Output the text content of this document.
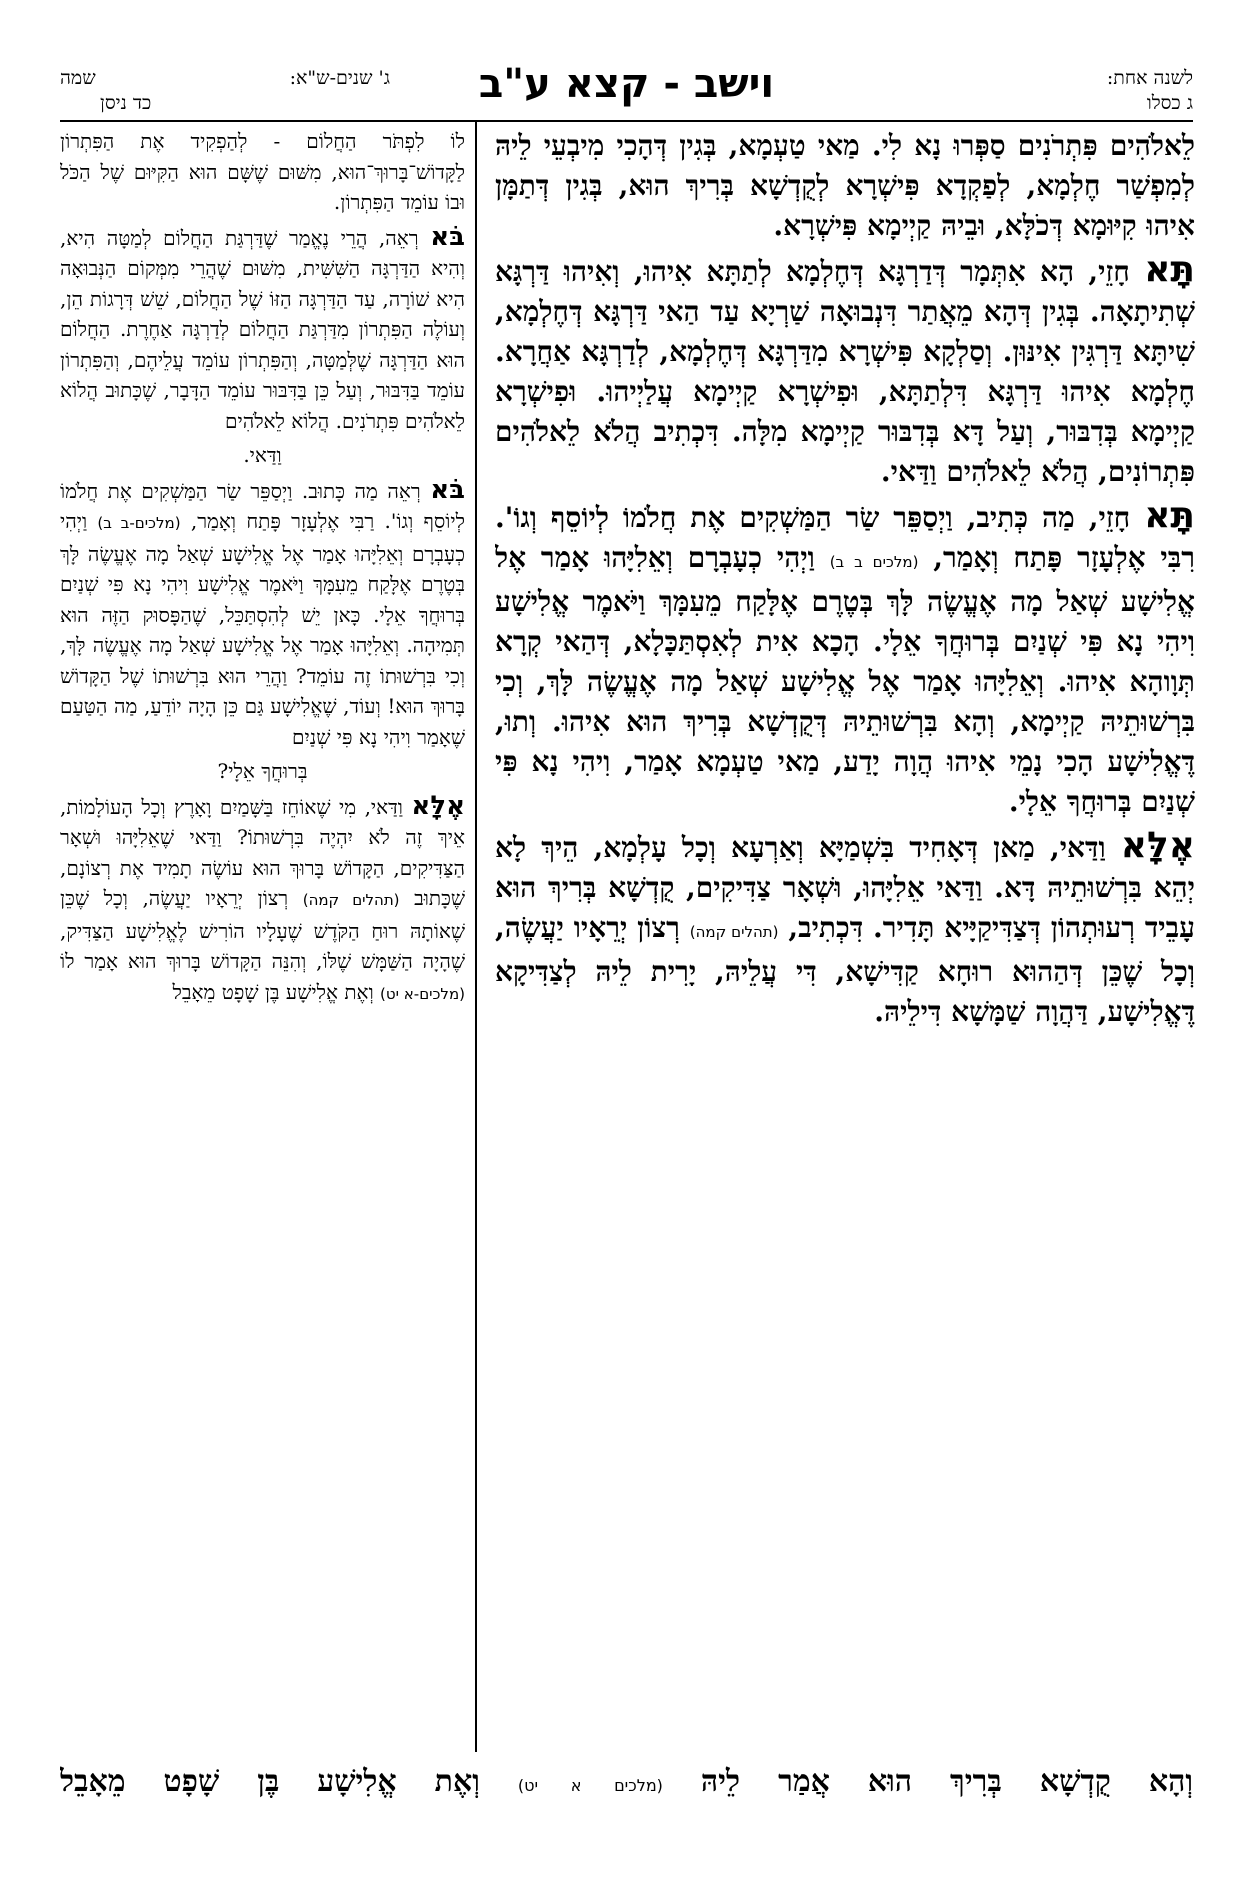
לשנה אחת:
ג כסלו
וישב - קצא ע"ב
ג' שנים-ש"א:
שמה
כד ניסן

לֵאלֹהִים פִּתְרֹנִים סַפְּרוּ נָא לִי. מַאי טַעְמָא, בְּגִין דְּהָכִי מִיבְעֵי לֵיהּ לְמִפְשַׁר חֶלְמָא, לְפַקְדָא פִּישְׁרָא לְקֻדְשָׁא בְּרִיךְ הוּא, בְּגִין דְּתַמָּן אִיהוּ קִיּוּמָא דְּכֹלָּא, וּבֵיהּ קַיְימָא פִּישְׁרָא.

תָּא חָזֵי, הָא אִתְּמָר דְּדַרְגָּא דְּחֶלְמָא לְתַתָּא אִיהוּ, וְאִיהוּ דַּרְגָּא שְׁתִיתָאָה. בְּגִין דְּהָא מֵאֲתַר דִּנְבוּאָה שַׁרְיָא עַד הַאי דַּרְגָּא דְּחֶלְמָא, שִׁיתָּא דַּרְגִּין אִינּוּן. וְסַלְקָא פִּישְׁרָא מִדַּרְגָּא דְּחֶלְמָא, לְדַרְגָּא אַחֲרָא. חֶלְמָא אִיהוּ דַּרְגָּא דִּלְתַתָּא, וּפִישְׁרָא קַיְימָא עֲלַיְיהוּ. וּפִישְׁרָא קַיְימָא בְּדִבּוּר, וְעַל דָּא בְּדִבּוּר קַיְימָא מִלָּה. דִּכְתִיב הֲלֹא לֵאלֹהִים פִּתְרוֹנִים, הֲלֹא לֵאלֹהִים וַדַּאי.

תָּא חָזֵי, מַה כְּתִיב, וַיְסַפֵּר שַׂר הַמַּשְׁקִים אֶת חֲלֹמוֹ לְיוֹסֵף וְגוֹ'. רִבִּי אֶלְעָזָר פָּתַח וְאָמַר, (מלכים ב ב) וַיְהִי כְעָבְרָם וְאֵלִיָּהוּ אָמַר אֶל אֱלִישָׁע שְׁאַל מָה אֶעֱשֶׂה לָּךְ בְּטֶרֶם אֶלָּקַח מֵעִמָּךְ וַיֹּאמֶר אֱלִישָׁע וִיהִי נָא פִּי שְׁנַיִם בְּרוּחֲךָ אֵלָי. הָכָא אִית לְאִסְתַּכָּלָא, דְּהַאי קְרָא תְּוָוהָא אִיהוּ. וְאֵלִיָּהוּ אָמַר אֶל אֱלִישָׁע שְׁאַל מָה אֶעֱשֶׂה לָּךְ, וְכִי בִּרְשׁוּתֵיהּ קַיְימָא, וְהָא בִּרְשׁוּתֵיהּ דְּקֻדְשָׁא בְּרִיךְ הוּא אִיהוּ. וְתוּ, דֶּאֱלִישָׁע הָכִי נָמֵי אִיהוּ הֲוָה יָדַע, מַאי טַעְמָא אָמַר, וִיהִי נָא פִּי שְׁנַיִם בְּרוּחֲךָ אֵלָי.

אֶלָּא וַדַּאי, מַאן דְּאָחִיד בִּשְׁמַיָּא וְאַרְעָא וְכָל עָלְמָא, הֵיךְ לָא יְהֵא בִּרְשׁוּתֵיהּ דָּא. וַדַּאי אֵלִיָּהוּ, וּשְׁאָר צַדִּיקִים, קֻדְשָׁא בְּרִיךְ הוּא עָבֵיד רְעוּתְהוֹן דְּצַדִּיקַיָּיא תָּדִיר. דִּכְתִיב, (תהלים קמה) רְצוֹן יְרֵאָיו יַעֲשֶׂה, וְכָל שֶׁכֵּן דְּהַהוּא רוּחָא קַדִּישָׁא, דִּי עֲלֵיהּ, יָרִית לֵיהּ לְצַדִּיקָא דֶּאֱלִישָׁע, דַּהֲוָה שַׁמָּשָׁא דִּילֵיהּ.

לוֹ לִפְתֹּר הַחֲלוֹם - לְהַפְקִיד אֶת הַפִּתְרוֹן לַקָּדוֹשׁ־בָּרוּךְ־הוּא, מִשּׁוּם שֶׁשָּׁם הוּא הַקִּיּוּם שֶׁל הַכֹּל וּבוֹ עוֹמֵד הַפִּתְרוֹן.

בֹּא רְאֵה, הֲרֵי נֶאֱמַר שֶׁדַּרְגַּת הַחֲלוֹם לְמַטָּה הִיא, וְהִיא הַדַּרְגָּה הַשִּׁשִּׁית, מִשּׁוּם שֶׁהֲרֵי מִמְּקוֹם הַנְּבוּאָה הִיא שׁוֹרָה, עַד הַדַּרְגָּה הַזּוֹ שֶׁל הַחֲלוֹם, שֵׁשׁ דְּרָגוֹת הֵן, וְעוֹלֶה הַפִּתְרוֹן מִדַּרְגַּת הַחֲלוֹם לְדַרְגָּה אַחֶרֶת. הַחֲלוֹם הוּא הַדַּרְגָּה שֶׁלְּמַטָּה, וְהַפִּתְרוֹן עוֹמֵד עֲלֵיהֶם, וְהַפִּתְרוֹן עוֹמֵד בַּדִּבּוּר, וְעַל כֵּן בַּדִּבּוּר עוֹמֵד הַדָּבָר, שֶׁכָּתוּב הֲלוֹא לֵאלֹהִים פִּתְרֹנִים. הֲלוֹא לֵאלֹהִים

וַדַּאי.

בֹּא רְאֵה מַה כָּתוּב. וַיְסַפֵּר שַׂר הַמַּשְׁקִים אֶת חֲלֹמוֹ לְיוֹסֵף וְגוֹ'. רַבִּי אֶלְעָזָר פָּתַח וְאָמַר, (מלכים-ב ב) וַיְהִי כְעָבְרָם וְאֵלִיָּהוּ אָמַר אֶל אֱלִישָׁע שְׁאַל מָה אֶעֱשֶׂה לָּךְ בְּטֶרֶם אֶלָּקַח מֵעִמָּךְ וַיֹּאמֶר אֱלִישָׁע וִיהִי נָא פִּי שְׁנַיִם בְּרוּחֲךָ אֵלָי. כָּאן יֵשׁ לְהִסְתַּכֵּל, שֶׁהַפָּסוּק הַזֶּה הוּא תְּמִיהָה. וְאֵלִיָּהוּ אָמַר אֶל אֱלִישָׁע שְׁאַל מָה אֶעֱשֶׂה לָּךְ, וְכִי בִּרְשׁוּתוֹ זֶה עוֹמֵד? וַהֲרֵי הוּא בִּרְשׁוּתוֹ שֶׁל הַקָּדוֹשׁ בָּרוּךְ הוּא! וְעוֹד, שֶׁאֱלִישָׁע גַּם כֵּן הָיָה יוֹדֵעַ, מַה הַטַּעַם שֶׁאָמַר וִיהִי נָא פִּי שְׁנַיִם

בְּרוּחֲךָ אֵלָי?

אֶלָּא וַדַּאי, מִי שֶׁאוֹחֵז בַּשָּׁמַיִם וָאָרֶץ וְכָל הָעוֹלָמוֹת, אֵיךְ זֶה לֹא יִהְיֶה בִּרְשׁוּתוֹ? וַדַּאי שֶׁאֵלִיָּהוּ וּשְׁאָר הַצַּדִּיקִים, הַקָּדוֹשׁ בָּרוּךְ הוּא עוֹשֶׂה תָמִיד אֶת רְצוֹנָם, שֶׁכָּתוּב (תהלים קמה) רְצוֹן יְרֵאָיו יַעֲשֶׂה, וְכָל שֶׁכֵּן שֶׁאוֹתָהּ רוּחַ הַקֹּדֶשׁ שֶׁעָלָיו הוֹרִישׁ לֶאֱלִישָׁע הַצַּדִּיק, שֶׁהָיָה הַשַּׁמָּשׁ שֶׁלּוֹ, וְהִנֵּה הַקָּדוֹשׁ בָּרוּךְ הוּא אָמַר לוֹ (מלכים-א יט) וְאֶת אֱלִישָׁע בֶּן שָׁפָט מֵאָבֵל

וְהָא קֻדְשָׁא בְּרִיךְ הוּא אֲמַר לֵיהּ (מלכים א יט) וְאֶת אֱלִישָׁע בֶּן שָׁפָט מֵאָבֵל
